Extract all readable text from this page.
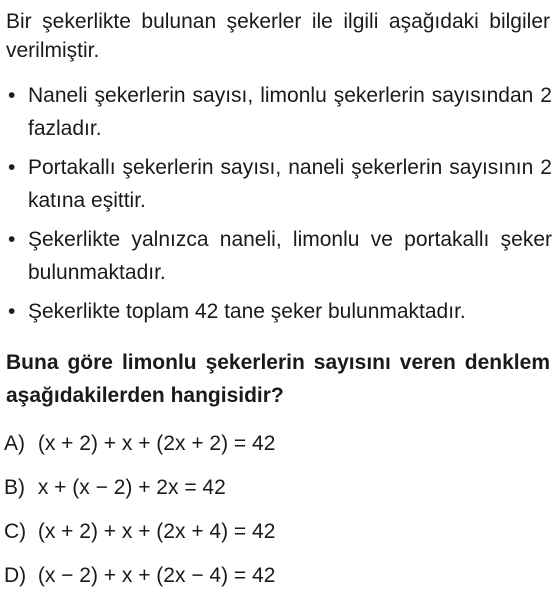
Bir şekerlikte bulunan şekerler ile ilgili aşağıdaki bilgiler verilmiştir.

• Naneli şekerlerin sayısı, limonlu şekerlerin sayısından 2 fazladır.
• Portakallı şekerlerin sayısı, naneli şekerlerin sayısının 2 katına eşittir.
• Şekerlikte yalnızca naneli, limonlu ve portakallı şeker bulunmaktadır.
• Şekerlikte toplam 42 tane şeker bulunmaktadır.

Buna göre limonlu şekerlerin sayısını veren denklem aşağıdakilerden hangisidir?

A) (x + 2) + x + (2x + 2) = 42
B) x + (x − 2) + 2x = 42
C) (x + 2) + x + (2x + 4) = 42
D) (x − 2) + x + (2x − 4) = 42
